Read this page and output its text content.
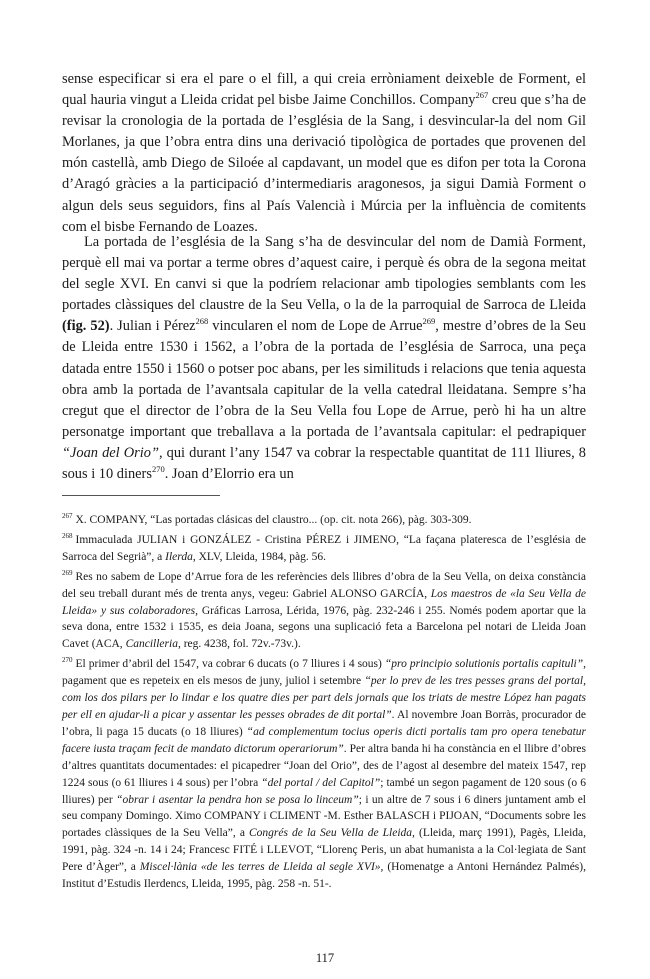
sense especificar si era el pare o el fill, a qui creia erròniament deixeble de Forment, el qual hauria vingut a Lleida cridat pel bisbe Jaime Conchillos. Company$^{267}$ creu que s’ha de revisar la cronologia de la portada de l’església de la Sang, i desvincular-la del nom Gil Morlanes, ja que l’obra entra dins una derivació tipològica de portades que provenen del món castellà, amb Diego de Siloée al capdavant, un model que es difon per tota la Corona d’Aragó gràcies a la participació d’intermediaris aragonesos, ja sigui Damià Forment o algun dels seus seguidors, fins al País Valencià i Múrcia per la influència de comitents com el bisbe Fernando de Loazes.

La portada de l’església de la Sang s’ha de desvincular del nom de Damià Forment, perquè ell mai va portar a terme obres d’aquest caire, i perquè és obra de la segona meitat del segle XVI. En canvi si que la podríem relacionar amb tipologies semblants com les portades clàssiques del claustre de la Seu Vella, o la de la parroquial de Sarroca de Lleida (fig. 52). Julian i Pérez$^{268}$ vincularen el nom de Lope de Arrue$^{269}$, mestre d’obres de la Seu de Lleida entre 1530 i 1562, a l’obra de la portada de l’església de Sarroca, una peça datada entre 1550 i 1560 o potser poc abans, per les similituds i relacions que tenia aquesta obra amb la portada de l’avantsala capitular de la vella catedral lleidatana. Sempre s’ha cregut que el director de l’obra de la Seu Vella fou Lope de Arrue, però hi ha un altre personatge important que treballava a la portada de l’avantsala capitular: el pedrapiquer “Joan del Orio”, qui durant l’any 1547 va cobrar la respectable quantitat de 111 lliures, 8 sous i 10 diners$^{270}$. Joan d’Elorrio era un

$^{267}$ X. COMPANY, “Las portadas clásicas del claustro... (op. cit. nota 266), pàg. 303-309.

$^{268}$ Immaculada JULIAN i GONZÁLEZ - Cristina PÉREZ i JIMENO, “La façana plateresca de l’església de Sarroca del Segrià”, a Ilerda, XLV, Lleida, 1984, pàg. 56.

$^{269}$ Res no sabem de Lope d’Arrue fora de les referències dels llibres d’obra de la Seu Vella, on deixa constància del seu treball durant més de trenta anys, vegeu: Gabriel ALONSO GARCÍA, Los maestros de «la Seu Vella de Lleida» y sus colaboradores, Gráficas Larrosa, Lérida, 1976, pàg. 232-246 i 255. Només podem aportar que la seva dona, entre 1532 i 1535, es deia Joana, segons una suplicació feta a Barcelona pel notari de Lleida Joan Cavet (ACA, Cancilleria, reg. 4238, fol. 72v.-73v.).

$^{270}$ El primer d’abril del 1547, va cobrar 6 ducats (o 7 lliures i 4 sous) “pro principio solutionis portalis capituli”, pagament que es repeteix en els mesos de juny, juliol i setembre “per lo prev de les tres pesses grans del portal, com los dos pilars per lo lindar e los quatre dies per part dels jornals que los triats de mestre López han pagats per ell en ajudar-li a picar y assentar les pesses obrades de dit portal”. Al novembre Joan Borràs, procurador de l’obra, li paga 15 ducats (o 18 lliures) “ad complementum tocius operis dicti portalis tam pro opera tenebatur facere iusta traçam fecit de mandato dictorum operariorum”. Per altra banda hi ha constància en el llibre d’obres d’altres quantitats documentades: el picapedrer “Joan del Orio”, des de l’agost al desembre del mateix 1547, rep 1224 sous (o 61 lliures i 4 sous) per l’obra “del portal / del Capitol”; també un segon pagament de 120 sous (o 6 lliures) per “obrar i asentar la pendra hon se posa lo linceum”; i un altre de 7 sous i 6 diners juntament amb el seu company Domingo. Ximo COMPANY i CLIMENT -M. Esther BALASCH i PIJOAN, “Documents sobre les portades clàssiques de la Seu Vella”, a Congrés de la Seu Vella de Lleida, (Lleida, març 1991), Pagès, Lleida, 1991, pàg. 324 -n. 14 i 24; Francesc FITÉ i LLEVOT, “Llorenç Peris, un abat humanista a la Col·legiata de Sant Pere d’Àger”, a Miscel·lània «de les terres de Lleida al segle XVI», (Homenatge a Antoni Hernández Palmés), Institut d’Estudis Ilerdencs, Lleida, 1995, pàg. 258 -n. 51-.

117
